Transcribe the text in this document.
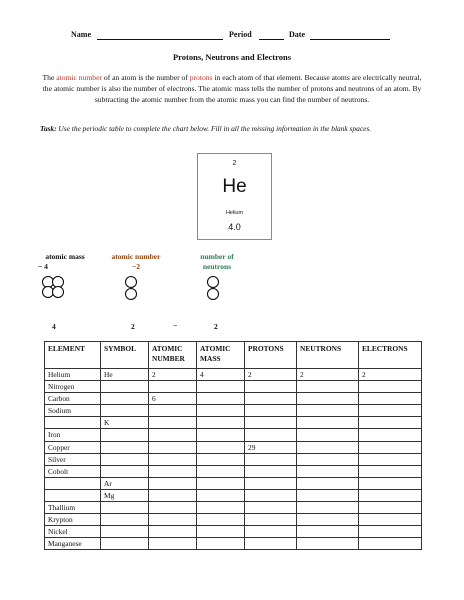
Name	Period	Date
Protons, Neutrons and Electrons
The atomic number of an atom is the number of protons in each atom of that element. Because atoms are electrically neutral, the atomic number is also the number of electrons. The atomic mass tells the number of protons and neutrons of an atom. By subtracting the atomic number from the atomic mass you can find the number of neutrons.
Task: Use the periodic table to complete the chart below. Fill in all the missing information in the blank spaces.
2
He
Helium
4.0
atomic mass
− 4
atomic number
−2
number of
neutrons
4	2	−	2
ELEMENT	SYMBOL	ATOMIC NUMBER	ATOMIC MASS	PROTONS	NEUTRONS	ELECTRONS
Helium	He	2	4	2	2	2
Nitrogen						
Carbon		6				
Sodium						
	K					
Iron						
Copper				29		
Silver						
Cobolt						
	Ar					
	Mg					
Thallium						
Krypton						
Nickel						
Manganese						
